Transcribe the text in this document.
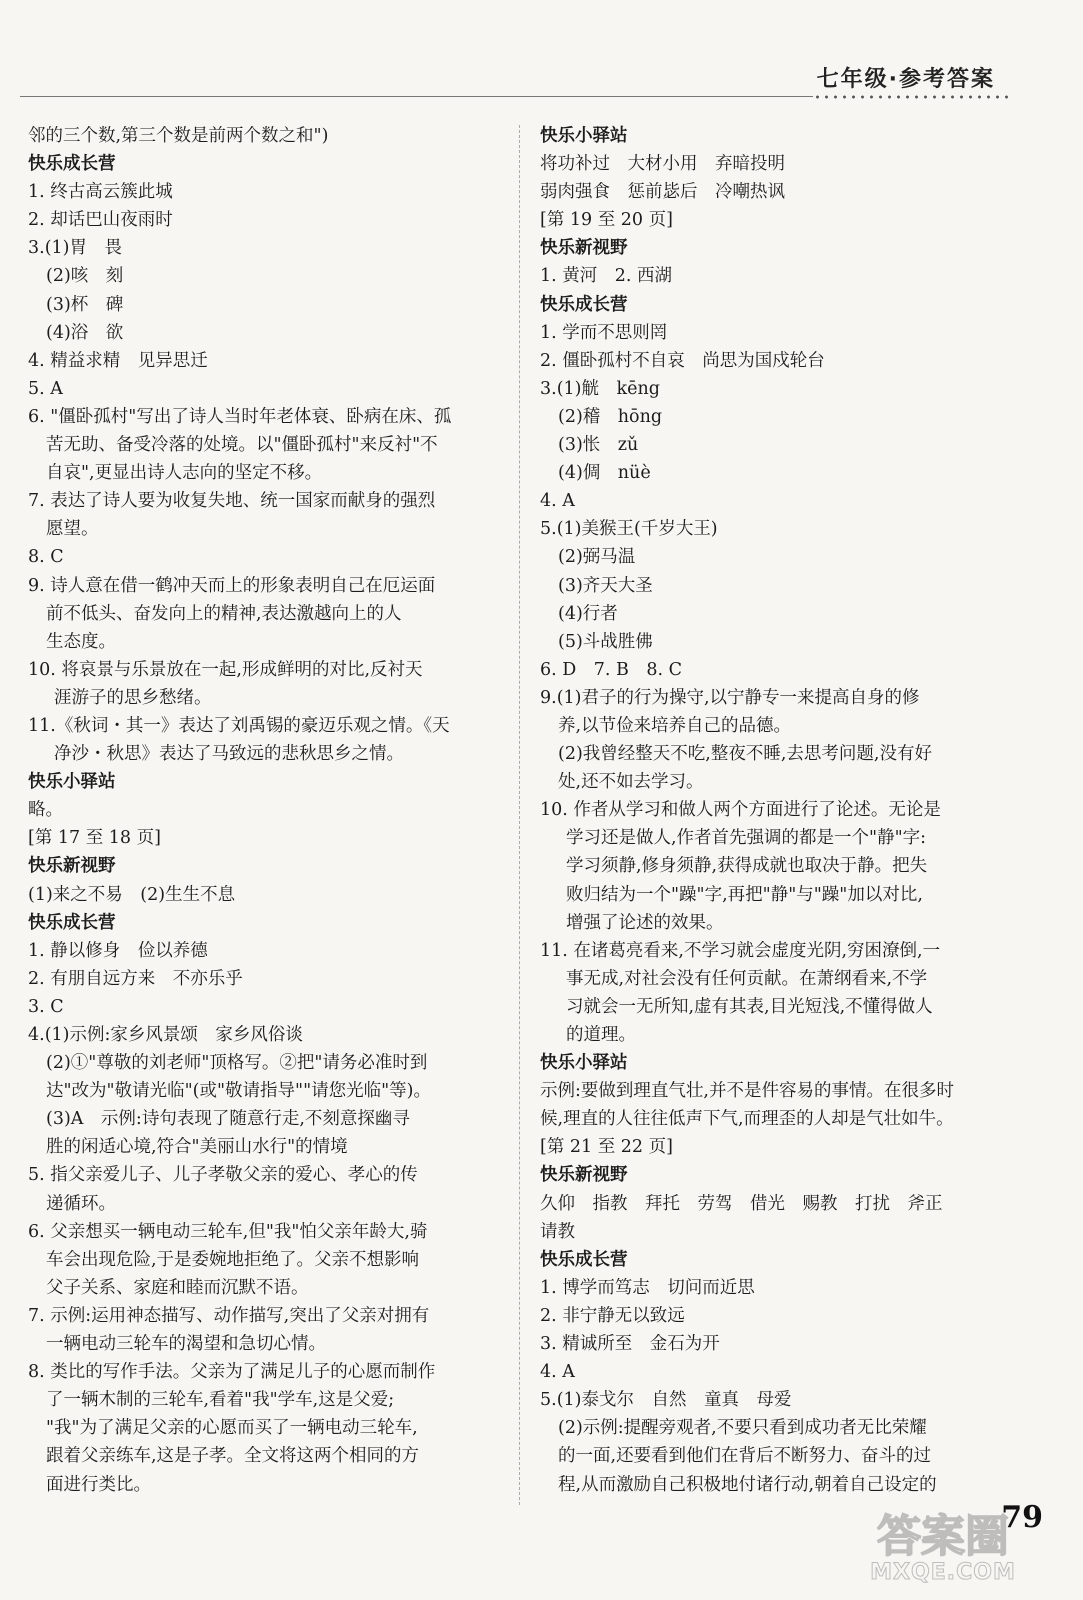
七年级·参考答案
邻的三个数,第三个数是前两个数之和")
快乐成长营
1. 终古高云簇此城
2. 却话巴山夜雨时
3.(1)胃　畏
(2)咳　刻
(3)杯　碑
(4)浴　欲
4. 精益求精　见异思迁
5. A
6. "僵卧孤村"写出了诗人当时年老体衰、卧病在床、孤
苦无助、备受冷落的处境。以"僵卧孤村"来反衬"不
自哀",更显出诗人志向的坚定不移。
7. 表达了诗人要为收复失地、统一国家而献身的强烈
愿望。
8. C
9. 诗人意在借一鹤冲天而上的形象表明自己在厄运面
前不低头、奋发向上的精神,表达激越向上的人
生态度。
10. 将哀景与乐景放在一起,形成鲜明的对比,反衬天
涯游子的思乡愁绪。
11.《秋词・其一》表达了刘禹锡的豪迈乐观之情。《天
净沙・秋思》表达了马致远的悲秋思乡之情。
快乐小驿站
略。
[第 17 至 18 页]
快乐新视野
(1)来之不易　(2)生生不息
快乐成长营
1. 静以修身　俭以养德
2. 有朋自远方来　不亦乐乎
3. C
4.(1)示例:家乡风景颂　家乡风俗谈
(2)①"尊敬的刘老师"顶格写。②把"请务必准时到
达"改为"敬请光临"(或"敬请指导""请您光临"等)。
(3)A　示例:诗句表现了随意行走,不刻意探幽寻
胜的闲适心境,符合"美丽山水行"的情境
5. 指父亲爱儿子、儿子孝敬父亲的爱心、孝心的传
递循环。
6. 父亲想买一辆电动三轮车,但"我"怕父亲年龄大,骑
车会出现危险,于是委婉地拒绝了。父亲不想影响
父子关系、家庭和睦而沉默不语。
7. 示例:运用神态描写、动作描写,突出了父亲对拥有
一辆电动三轮车的渴望和急切心情。
8. 类比的写作手法。父亲为了满足儿子的心愿而制作
了一辆木制的三轮车,看着"我"学车,这是父爱;
"我"为了满足父亲的心愿而买了一辆电动三轮车,
跟着父亲练车,这是子孝。全文将这两个相同的方
面进行类比。
快乐小驿站
将功补过　大材小用　弃暗投明
弱肉强食　惩前毖后　冷嘲热讽
[第 19 至 20 页]
快乐新视野
1. 黄河　2. 西湖
快乐成长营
1. 学而不思则罔
2. 僵卧孤村不自哀　尚思为国戍轮台
3.(1)觥　kēng
(2)稽　hōng
(3)怅　zǔ
(4)倜　nüè
4. A
5.(1)美猴王(千岁大王)
(2)弼马温
(3)齐天大圣
(4)行者
(5)斗战胜佛
6. D　7. B　8. C
9.(1)君子的行为操守,以宁静专一来提高自身的修
养,以节俭来培养自己的品德。
(2)我曾经整天不吃,整夜不睡,去思考问题,没有好
处,还不如去学习。
10. 作者从学习和做人两个方面进行了论述。无论是
学习还是做人,作者首先强调的都是一个"静"字:
学习须静,修身须静,获得成就也取决于静。把失
败归结为一个"躁"字,再把"静"与"躁"加以对比,
增强了论述的效果。
11. 在诸葛亮看来,不学习就会虚度光阴,穷困潦倒,一
事无成,对社会没有任何贡献。在萧纲看来,不学
习就会一无所知,虚有其表,目光短浅,不懂得做人
的道理。
快乐小驿站
示例:要做到理直气壮,并不是件容易的事情。在很多时
候,理直的人往往低声下气,而理歪的人却是气壮如牛。
[第 21 至 22 页]
快乐新视野
久仰　指教　拜托　劳驾　借光　赐教　打扰　斧正
请教
快乐成长营
1. 博学而笃志　切问而近思
2. 非宁静无以致远
3. 精诚所至　金石为开
4. A
5.(1)泰戈尔　自然　童真　母爱
(2)示例:提醒旁观者,不要只看到成功者无比荣耀
的一面,还要看到他们在背后不断努力、奋斗的过
程,从而激励自己积极地付诸行动,朝着自己设定的
79
答案圈
MXQE.COM
